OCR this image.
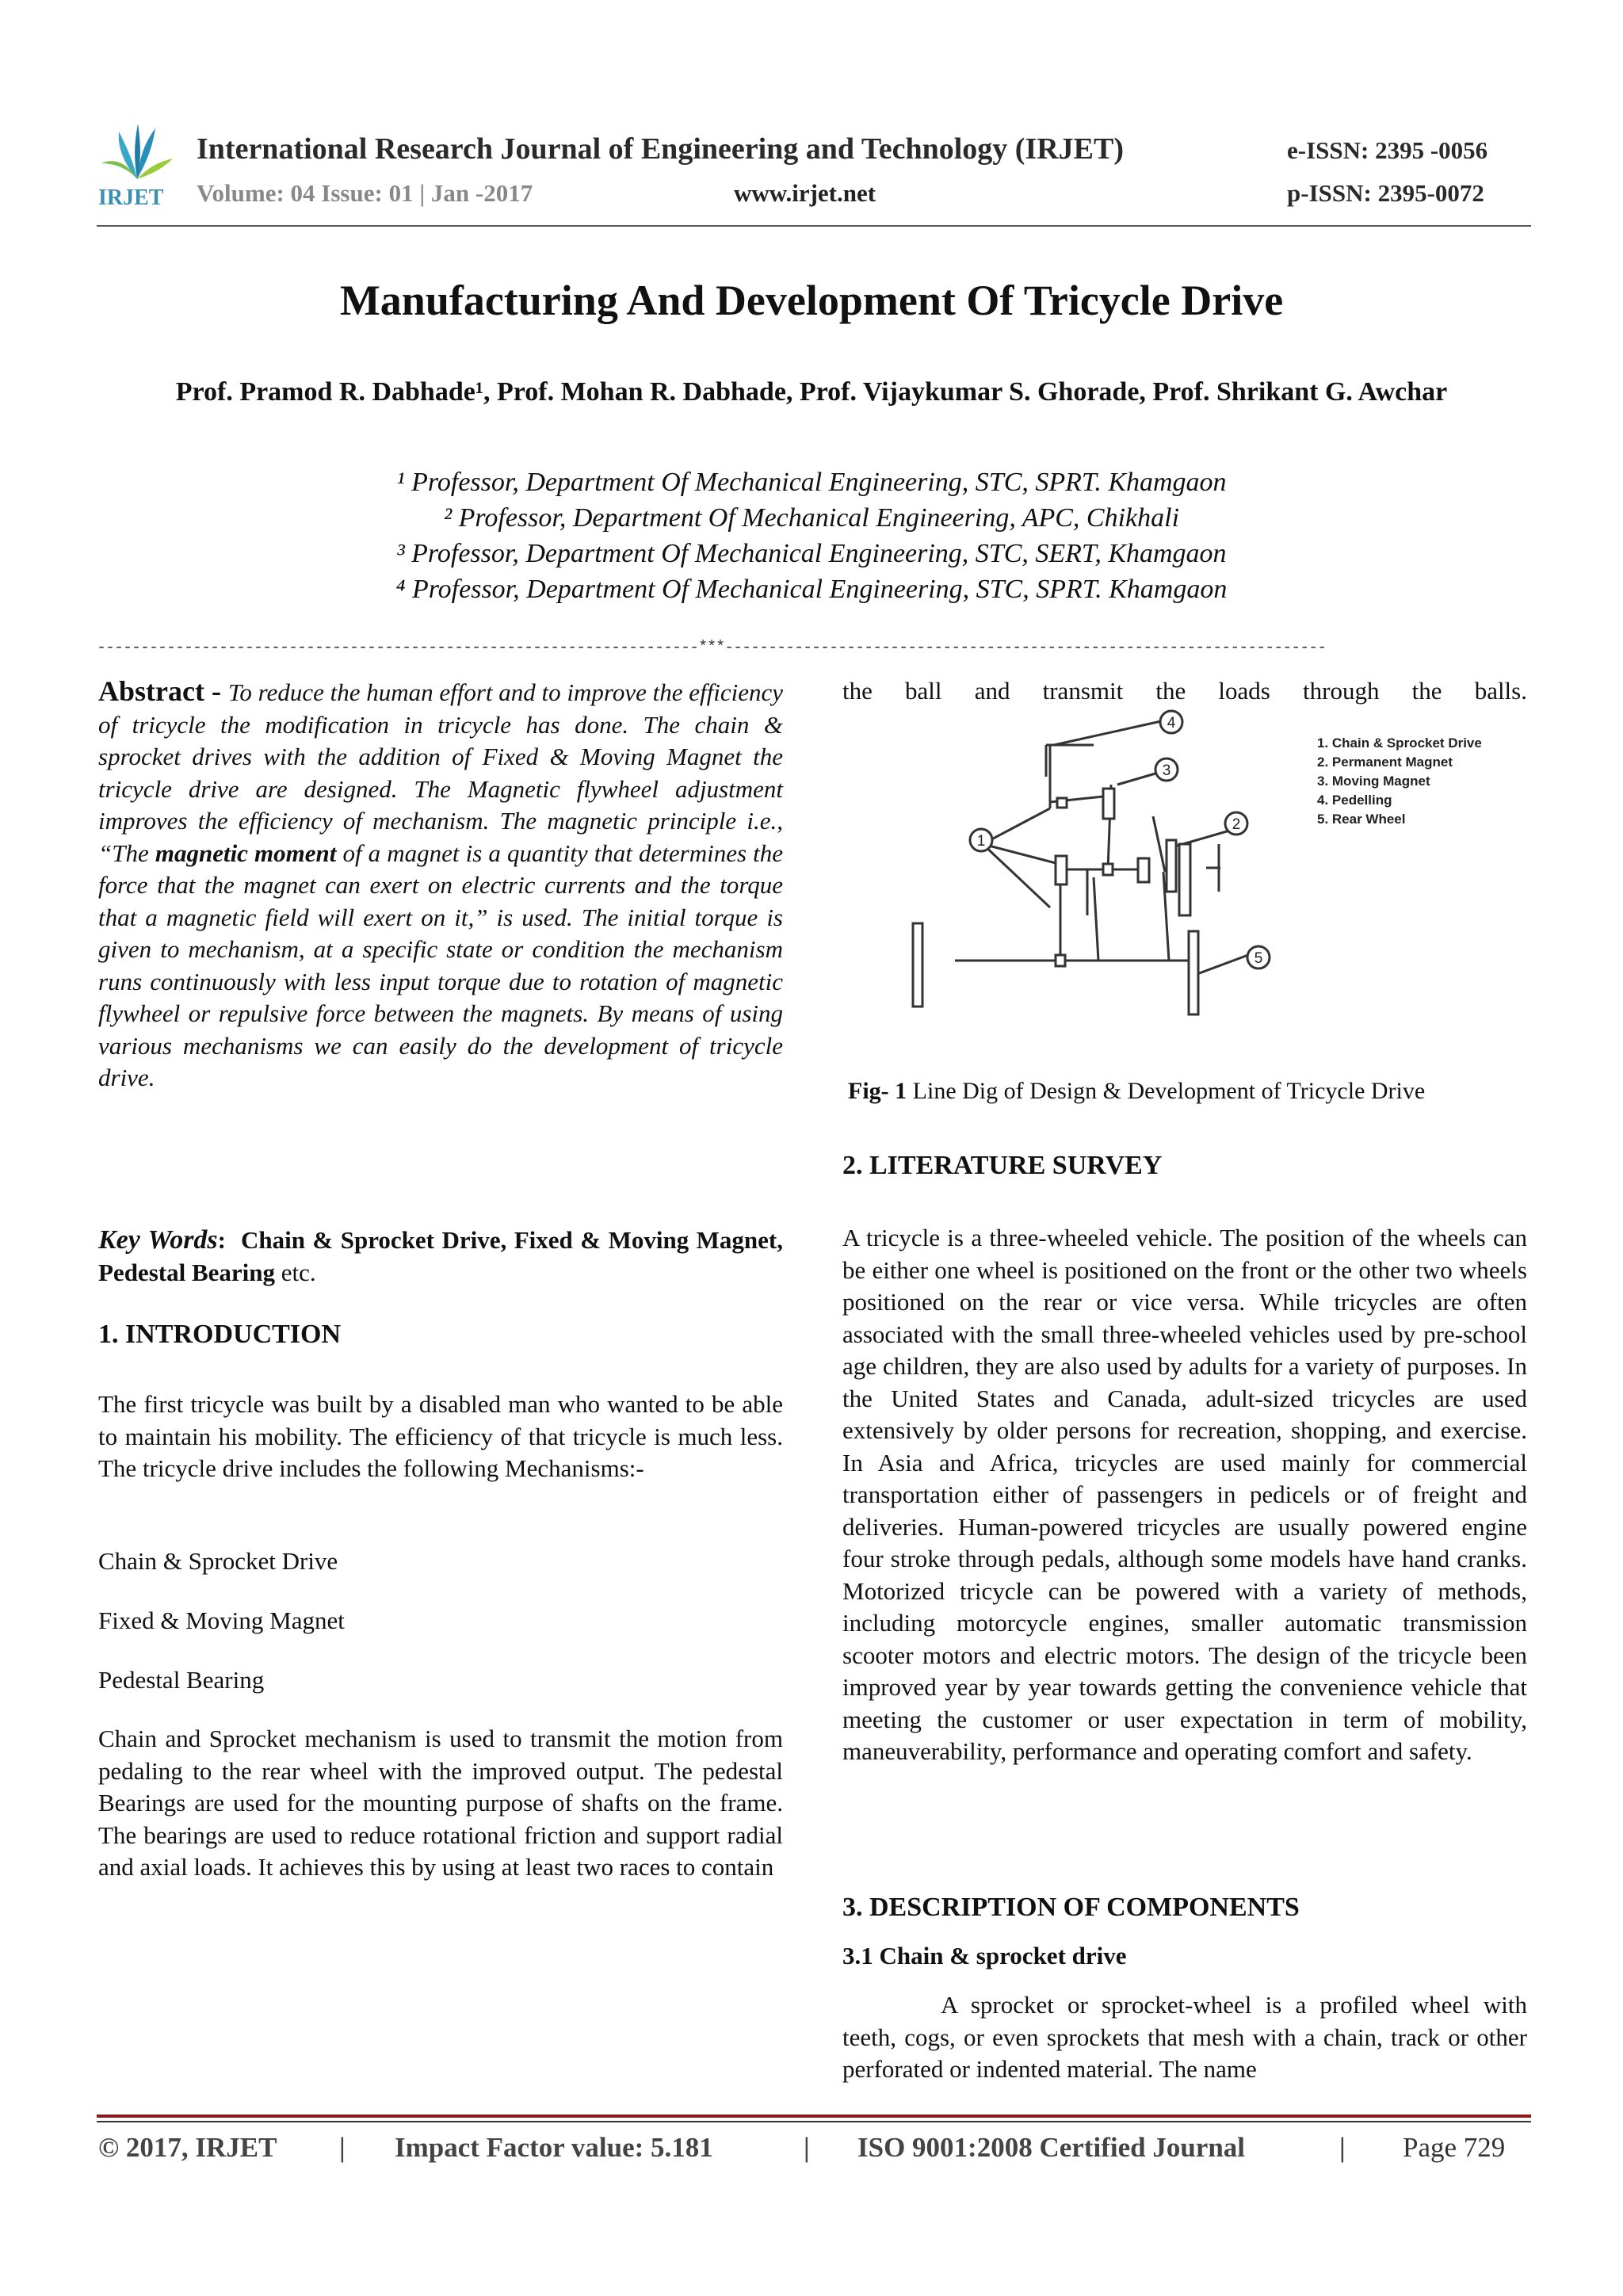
IRJET
International Research Journal of Engineering and Technology (IRJET)	e-ISSN: 2395 -0056
Volume: 04 Issue: 01 | Jan -2017	www.irjet.net	p-ISSN: 2395-0072
Manufacturing And Development Of Tricycle Drive
Prof. Pramod R. Dabhade¹, Prof. Mohan R. Dabhade, Prof. Vijaykumar S. Ghorade, Prof. Shrikant G. Awchar
¹ Professor, Department Of Mechanical Engineering, STC, SPRT. Khamgaon
² Professor, Department Of Mechanical Engineering, APC, Chikhali
³ Professor, Department Of Mechanical Engineering, STC, SERT, Khamgaon
⁴ Professor, Department Of Mechanical Engineering, STC, SPRT. Khamgaon
---------------------------------------------------------------------***---------------------------------------------------------------------

Abstract - To reduce the human effort and to improve the efficiency of tricycle the modification in tricycle has done. The chain & sprocket drives with the addition of Fixed & Moving Magnet the tricycle drive are designed. The Magnetic flywheel adjustment improves the efficiency of mechanism. The magnetic principle i.e., “The magnetic moment of a magnet is a quantity that determines the force that the magnet can exert on electric currents and the torque that a magnetic field will exert on it,” is used. The initial torque is given to mechanism, at a specific state or condition the mechanism runs continuously with less input torque due to rotation of magnetic flywheel or repulsive force between the magnets. By means of using various mechanisms we can easily do the development of tricycle drive.

Key Words: Chain & Sprocket Drive, Fixed & Moving Magnet, Pedestal Bearing etc.

1. INTRODUCTION
The first tricycle was built by a disabled man who wanted to be able to maintain his mobility. The efficiency of that tricycle is much less. The tricycle drive includes the following Mechanisms:-
Chain & Sprocket Drive
Fixed & Moving Magnet
Pedestal Bearing
Chain and Sprocket mechanism is used to transmit the motion from pedaling to the rear wheel with the improved output. The pedestal Bearings are used for the mounting purpose of shafts on the frame. The bearings are used to reduce rotational friction and support radial and axial loads. It achieves this by using at least two races to contain
the ball and transmit the loads through the balls.
4
3
2
1
5
1. Chain & Sprocket Drive
2. Permanent Magnet
3. Moving Magnet
4. Pedelling
5. Rear Wheel
Fig- 1 Line Dig of Design & Development of Tricycle Drive
2. LITERATURE SURVEY
A tricycle is a three-wheeled vehicle. The position of the wheels can be either one wheel is positioned on the front or the other two wheels positioned on the rear or vice versa. While tricycles are often associated with the small three-wheeled vehicles used by pre-school age children, they are also used by adults for a variety of purposes. In the United States and Canada, adult-sized tricycles are used extensively by older persons for recreation, shopping, and exercise. In Asia and Africa, tricycles are used mainly for commercial transportation either of passengers in pedicels or of freight and deliveries. Human-powered tricycles are usually powered engine four stroke through pedals, although some models have hand cranks. Motorized tricycle can be powered with a variety of methods, including motorcycle engines, smaller automatic transmission scooter motors and electric motors. The design of the tricycle been improved year by year towards getting the convenience vehicle that meeting the customer or user expectation in term of mobility, maneuverability, performance and operating comfort and safety.
3. DESCRIPTION OF COMPONENTS
3.1 Chain & sprocket drive
A sprocket or sprocket-wheel is a profiled wheel with teeth, cogs, or even sprockets that mesh with a chain, track or other perforated or indented material. The name
© 2017, IRJET | Impact Factor value: 5.181	| ISO 9001:2008 Certified Journal	| Page 729
